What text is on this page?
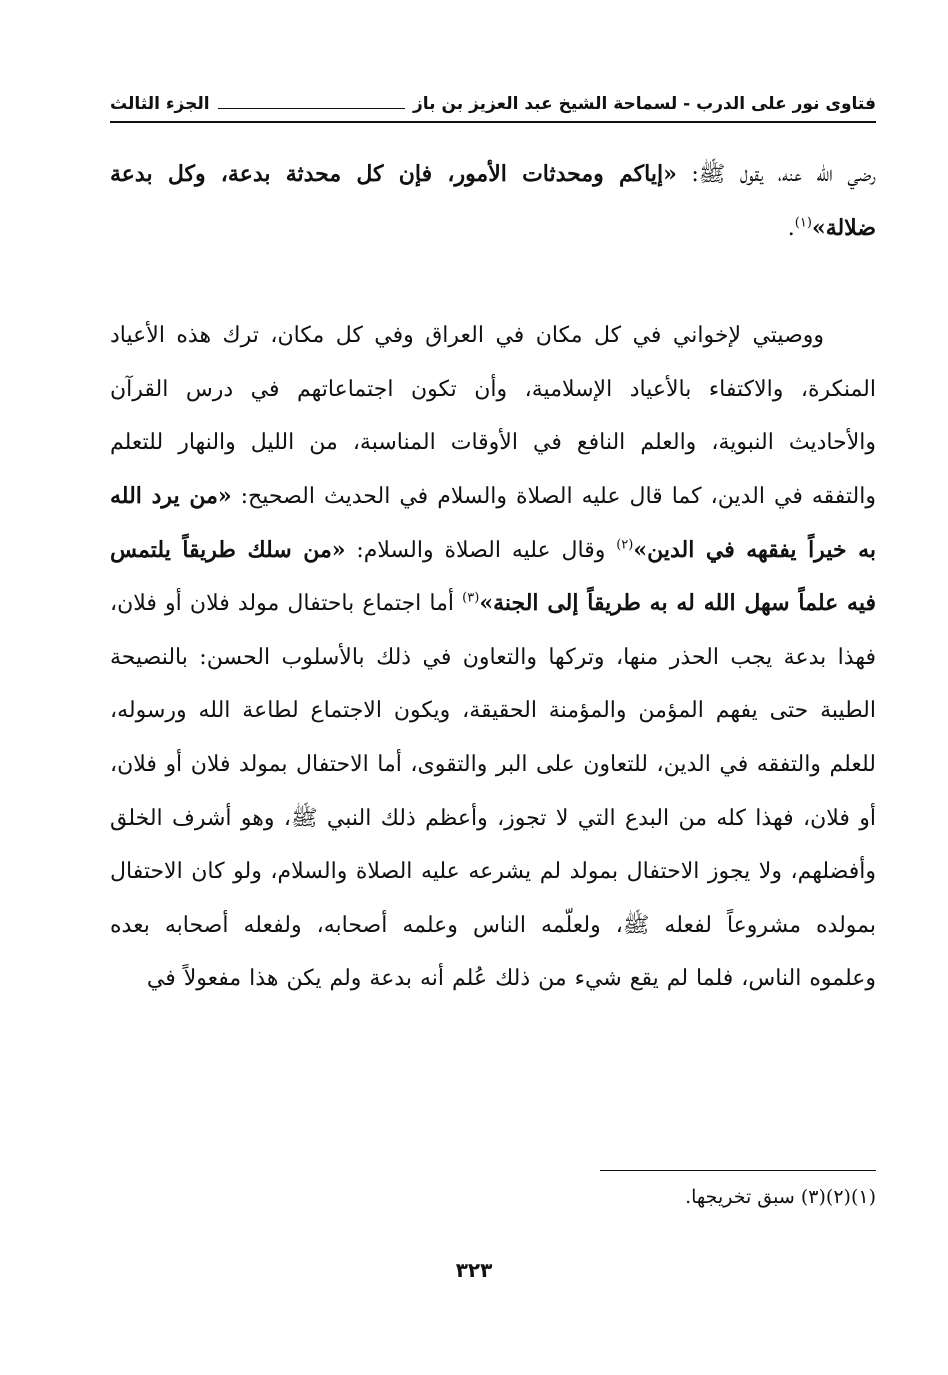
فتاوى نور على الدرب - لسماحة الشيخ عبد العزيز بن باز
الجزء الثالث

رضي الله عنه، يقول ﷺ: «إياكم ومحدثات الأمور، فإن كل محدثة بدعة، وكل بدعة ضلالة»$^{(١)}$.

ووصيتي لإخواني في كل مكان في العراق وفي كل مكان، ترك هذه الأعياد المنكرة، والاكتفاء بالأعياد الإسلامية، وأن تكون اجتماعاتهم في درس القرآن والأحاديث النبوية، والعلم النافع في الأوقات المناسبة، من الليل والنهار للتعلم والتفقه في الدين، كما قال عليه الصلاة والسلام في الحديث الصحيح: «من يرد الله به خيراً يفقهه في الدين»$^{(٢)}$ وقال عليه الصلاة والسلام: «من سلك طريقاً يلتمس فيه علماً سهل الله له به طريقاً إلى الجنة»$^{(٣)}$ أما اجتماع باحتفال مولد فلان أو فلان، فهذا بدعة يجب الحذر منها، وتركها والتعاون في ذلك بالأسلوب الحسن: بالنصيحة الطيبة حتى يفهم المؤمن والمؤمنة الحقيقة، ويكون الاجتماع لطاعة الله ورسوله، للعلم والتفقه في الدين، للتعاون على البر والتقوى، أما الاحتفال بمولد فلان أو فلان، أو فلان، فهذا كله من البدع التي لا تجوز، وأعظم ذلك النبي ﷺ، وهو أشرف الخلق وأفضلهم، ولا يجوز الاحتفال بمولد لم يشرعه عليه الصلاة والسلام، ولو كان الاحتفال بمولده مشروعاً لفعله ﷺ، ولعلّمه الناس وعلمه أصحابه، ولفعله أصحابه بعده وعلموه الناس، فلما لم يقع شيء من ذلك عُلم أنه بدعة ولم يكن هذا مفعولاً في

(١)(٢)(٣) سبق تخريجها.
٣٢٣
